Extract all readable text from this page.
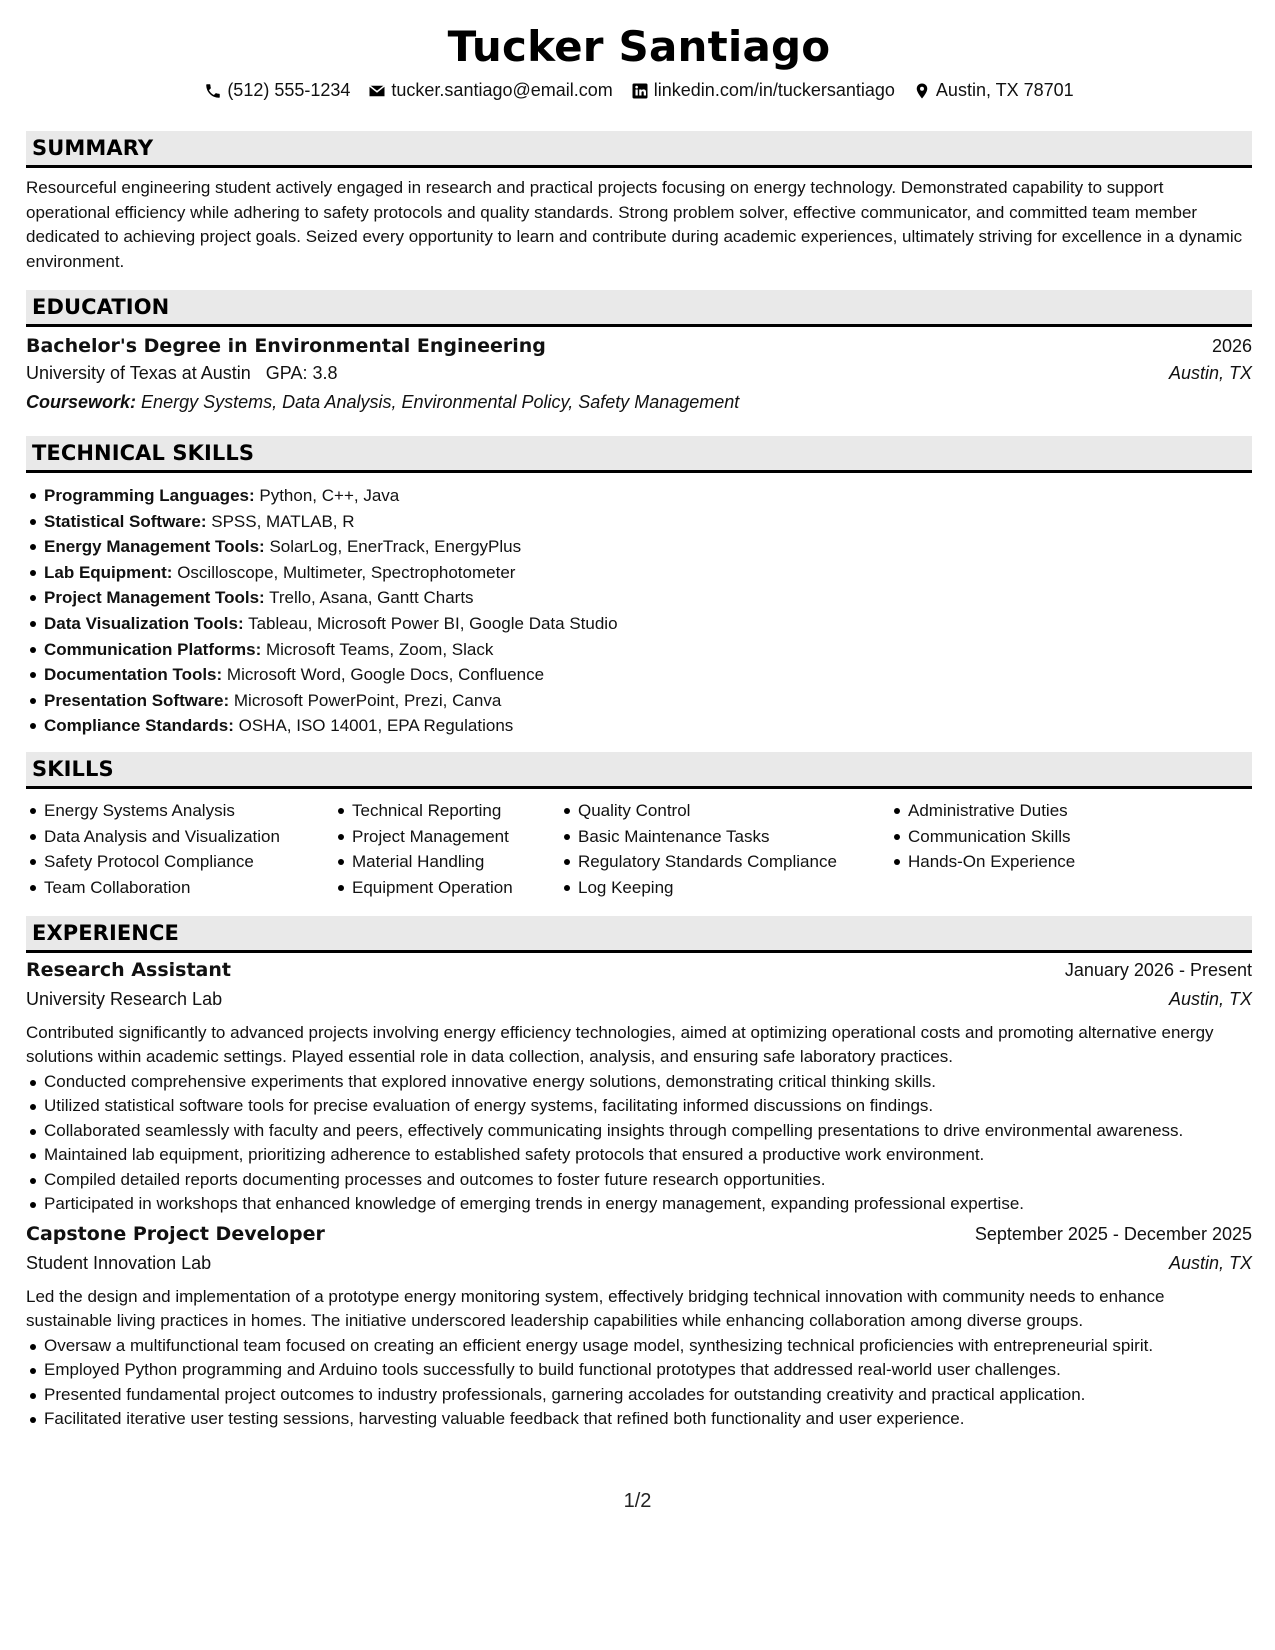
Tucker Santiago
(512) 555-1234 tucker.santiago@email.com linkedin.com/in/tuckersantiago Austin, TX 78701
SUMMARY
Resourceful engineering student actively engaged in research and practical projects focusing on energy technology. Demonstrated capability to support operational efficiency while adhering to safety protocols and quality standards. Strong problem solver, effective communicator, and committed team member dedicated to achieving project goals. Seized every opportunity to learn and contribute during academic experiences, ultimately striving for excellence in a dynamic environment.
EDUCATION
Bachelor's Degree in Environmental Engineering	2026
University of Texas at Austin GPA: 3.8	Austin, TX
Coursework: Energy Systems, Data Analysis, Environmental Policy, Safety Management
TECHNICAL SKILLS
Programming Languages: Python, C++, Java
Statistical Software: SPSS, MATLAB, R
Energy Management Tools: SolarLog, EnerTrack, EnergyPlus
Lab Equipment: Oscilloscope, Multimeter, Spectrophotometer
Project Management Tools: Trello, Asana, Gantt Charts
Data Visualization Tools: Tableau, Microsoft Power BI, Google Data Studio
Communication Platforms: Microsoft Teams, Zoom, Slack
Documentation Tools: Microsoft Word, Google Docs, Confluence
Presentation Software: Microsoft PowerPoint, Prezi, Canva
Compliance Standards: OSHA, ISO 14001, EPA Regulations
SKILLS
Energy Systems Analysis
Data Analysis and Visualization
Safety Protocol Compliance
Team Collaboration
Technical Reporting
Project Management
Material Handling
Equipment Operation
Quality Control
Basic Maintenance Tasks
Regulatory Standards Compliance
Log Keeping
Administrative Duties
Communication Skills
Hands-On Experience
EXPERIENCE
Research Assistant	January 2026 - Present
University Research Lab	Austin, TX
Contributed significantly to advanced projects involving energy efficiency technologies, aimed at optimizing operational costs and promoting alternative energy solutions within academic settings. Played essential role in data collection, analysis, and ensuring safe laboratory practices.
Conducted comprehensive experiments that explored innovative energy solutions, demonstrating critical thinking skills.
Utilized statistical software tools for precise evaluation of energy systems, facilitating informed discussions on findings.
Collaborated seamlessly with faculty and peers, effectively communicating insights through compelling presentations to drive environmental awareness.
Maintained lab equipment, prioritizing adherence to established safety protocols that ensured a productive work environment.
Compiled detailed reports documenting processes and outcomes to foster future research opportunities.
Participated in workshops that enhanced knowledge of emerging trends in energy management, expanding professional expertise.
Capstone Project Developer	September 2025 - December 2025
Student Innovation Lab	Austin, TX
Led the design and implementation of a prototype energy monitoring system, effectively bridging technical innovation with community needs to enhance sustainable living practices in homes. The initiative underscored leadership capabilities while enhancing collaboration among diverse groups.
Oversaw a multifunctional team focused on creating an efficient energy usage model, synthesizing technical proficiencies with entrepreneurial spirit.
Employed Python programming and Arduino tools successfully to build functional prototypes that addressed real-world user challenges.
Presented fundamental project outcomes to industry professionals, garnering accolades for outstanding creativity and practical application.
Facilitated iterative user testing sessions, harvesting valuable feedback that refined both functionality and user experience.
1/2
